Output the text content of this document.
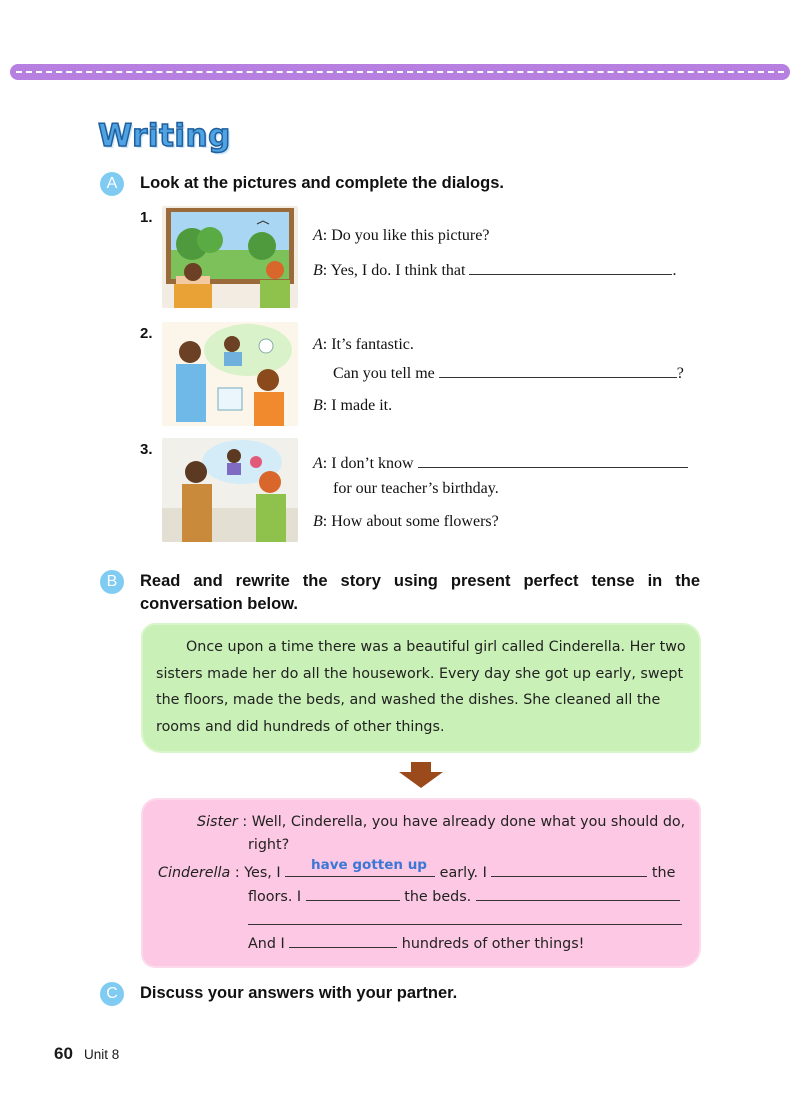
Writing
A	Look at the pictures and complete the dialogs.
1.
A: Do you like this picture?
B: Yes, I do. I think that	.
2.
A: It’s fantastic.
Can you tell me	?
B: I made it.
3.
A: I don’t know
for our teacher’s birthday.
B: How about some flowers?
B	Read and rewrite the story using present perfect tense in the conversation below.
Once upon a time there was a beautiful girl called Cinderella. Her two sisters made her do all the housework. Every day she got up early, swept the floors, made the beds, and washed the dishes. She cleaned all the rooms and did hundreds of other things.
Sister : Well, Cinderella, you have already done what you should do,
right?
Cinderella : Yes, I	early. I	the
have gotten up
floors. I	the beds.
And I	hundreds of other things!
C	Discuss your answers with your partner.
60 Unit 8
